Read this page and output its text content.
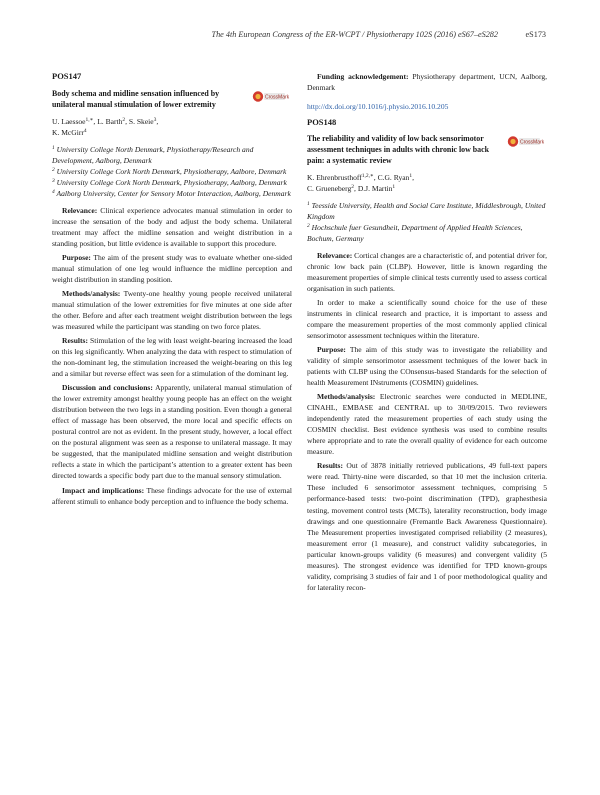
The 4th European Congress of the ER-WCPT / Physiotherapy 102S (2016) eS67–eS282	eS173
POS147
Body schema and midline sensation influenced by unilateral manual stimulation of lower extremity
CrossMark
U. Laessoe$^{1,∗}$, L. Barth$^2$, S. Skeie$^3$,
K. McGirr$^4$
$^1$ University College North Denmark, Physiotherapy/Research and Development, Aalborg, Denmark
$^2$ University College Cork North Denmark, Physiotherapy, Aalbore, Denmark
$^3$ University College Cork North Denmark, Physiotherapy, Aalborg, Denmark
$^4$ Aalborg University, Center for Sensory Motor Interaction, Aalborg, Denmark

Relevance: Clinical experience advocates manual stimulation in order to increase the sensation of the body and adjust the body schema. Unilateral treatment may affect the midline sensation and weight distribution in a standing position, but little evidence is available to support this procedure.

Purpose: The aim of the present study was to evaluate whether one-sided manual stimulation of one leg would influence the midline perception and weight distribution in standing position.

Methods/analysis: Twenty-one healthy young people received unilateral manual stimulation of the lower extremities for five minutes at one side after the other. Before and after each treatment weight distribution between the legs was measured while the participant was standing on two force plates.

Results: Stimulation of the leg with least weight-bearing increased the load on this leg significantly. When analyzing the data with respect to stimulation of the non-dominant leg, the stimulation increased the weight-bearing on this leg and a similar but reverse effect was seen for a stimulation of the dominant leg.

Discussion and conclusions: Apparently, unilateral manual stimulation of the lower extremity amongst healthy young people has an effect on the weight distribution between the two legs in a standing position. Even though a general effect of massage has been observed, the more local and specific effects on postural control are not as evident. In the present study, however, a local effect on the postural alignment was seen as a response to unilateral massage. It may be suggested, that the manipulated midline sensation and weight distribution reflects a state in which the participant’s attention to a greater extent has been directed towards a specific body part due to the manual sensory stimulation.

Impact and implications: These findings advocate for the use of external afferent stimuli to enhance body perception and to influence the body schema.

Funding acknowledgement: Physiotherapy department, UCN, Aalborg, Denmark
http://dx.doi.org/10.1016/j.physio.2016.10.205
POS148
The reliability and validity of low back sensorimotor assessment techniques in adults with chronic low back pain: a systematic review
CrossMark
K. Ehrenbrusthoff$^{1,2,∗}$, C.G. Ryan$^1$,
C. Grueneberg$^2$, D.J. Martin$^1$
$^1$ Teesside University, Health and Social Care Institute, Middlesbrough, United Kingdom
$^2$ Hochschule fuer Gesundheit, Department of Applied Health Sciences, Bochum, Germany

Relevance: Cortical changes are a characteristic of, and potential driver for, chronic low back pain (CLBP). However, little is known regarding the measurement properties of simple clinical tests currently used to assess cortical organisation in such patients.

In order to make a scientifically sound choice for the use of these instruments in clinical research and practice, it is important to assess and compare the measurement properties of the most commonly applied clinical sensorimotor assessment techniques within the literature.

Purpose: The aim of this study was to investigate the reliability and validity of simple sensorimotor assessment techniques of the lower back in patients with CLBP using the COnsensus-based Standards for the selection of health Measurement INstruments (COSMIN) guidelines.

Methods/analysis: Electronic searches were conducted in MEDLINE, CINAHL, EMBASE and CENTRAL up to 30/09/2015. Two reviewers independently rated the measurement properties of each study using the COSMIN checklist. Best evidence synthesis was used to combine results where appropriate and to rate the overall quality of evidence for each outcome measure.

Results: Out of 3878 initially retrieved publications, 49 full-text papers were read. Thirty-nine were discarded, so that 10 met the inclusion criteria. These included 6 sensorimotor assessment techniques, comprising 5 performance-based tests: two-point discrimination (TPD), graphesthesia testing, movement control tests (MCTs), laterality reconstruction, body image drawings and one questionnaire (Fremantle Back Awareness Questionnaire). The Measurement properties investigated comprised reliability (2 measures), measurement error (1 measure), and construct validity subcategories, in particular known-groups validity (6 measures) and convergent validity (5 measures). The strongest evidence was identified for TPD known-groups validity, comprising 3 studies of fair and 1 of poor methodological quality and for laterality recon-
